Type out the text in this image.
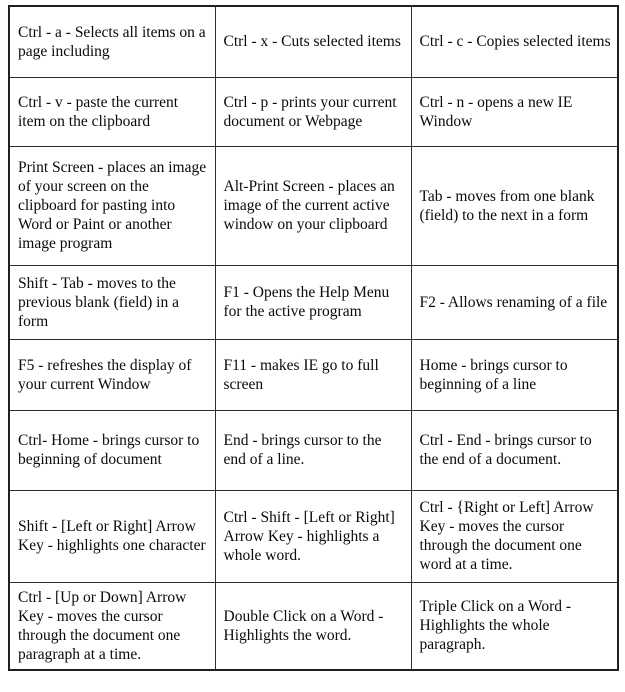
Ctrl - a - Selects all items on a page including	Ctrl - x - Cuts selected items	Ctrl - c - Copies selected items
Ctrl - v - paste the current item on the clipboard	Ctrl - p - prints your current document or Webpage	Ctrl - n - opens a new IE Window
Print Screen - places an image of your screen on the clipboard for pasting into Word or Paint or another image program	Alt-Print Screen - places an image of the current active window on your clipboard	Tab - moves from one blank (field) to the next in a form
Shift - Tab - moves to the previous blank (field) in a form	F1 - Opens the Help Menu for the active program	F2 - Allows renaming of a file
F5 - refreshes the display of your current Window	F11 - makes IE go to full screen	Home - brings cursor to beginning of a line
Ctrl- Home - brings cursor to beginning of document	End - brings cursor to the end of a line.	Ctrl - End - brings cursor to the end of a document.
Shift - [Left or Right] Arrow Key - highlights one character	Ctrl - Shift - [Left or Right] Arrow Key - highlights a whole word.	Ctrl - {Right or Left] Arrow Key - moves the cursor through the document one word at a time.
Ctrl - [Up or Down] Arrow Key - moves the cursor through the document one paragraph at a time.	Double Click on a Word - Highlights the word.	Triple Click on a Word - Highlights the whole paragraph.
